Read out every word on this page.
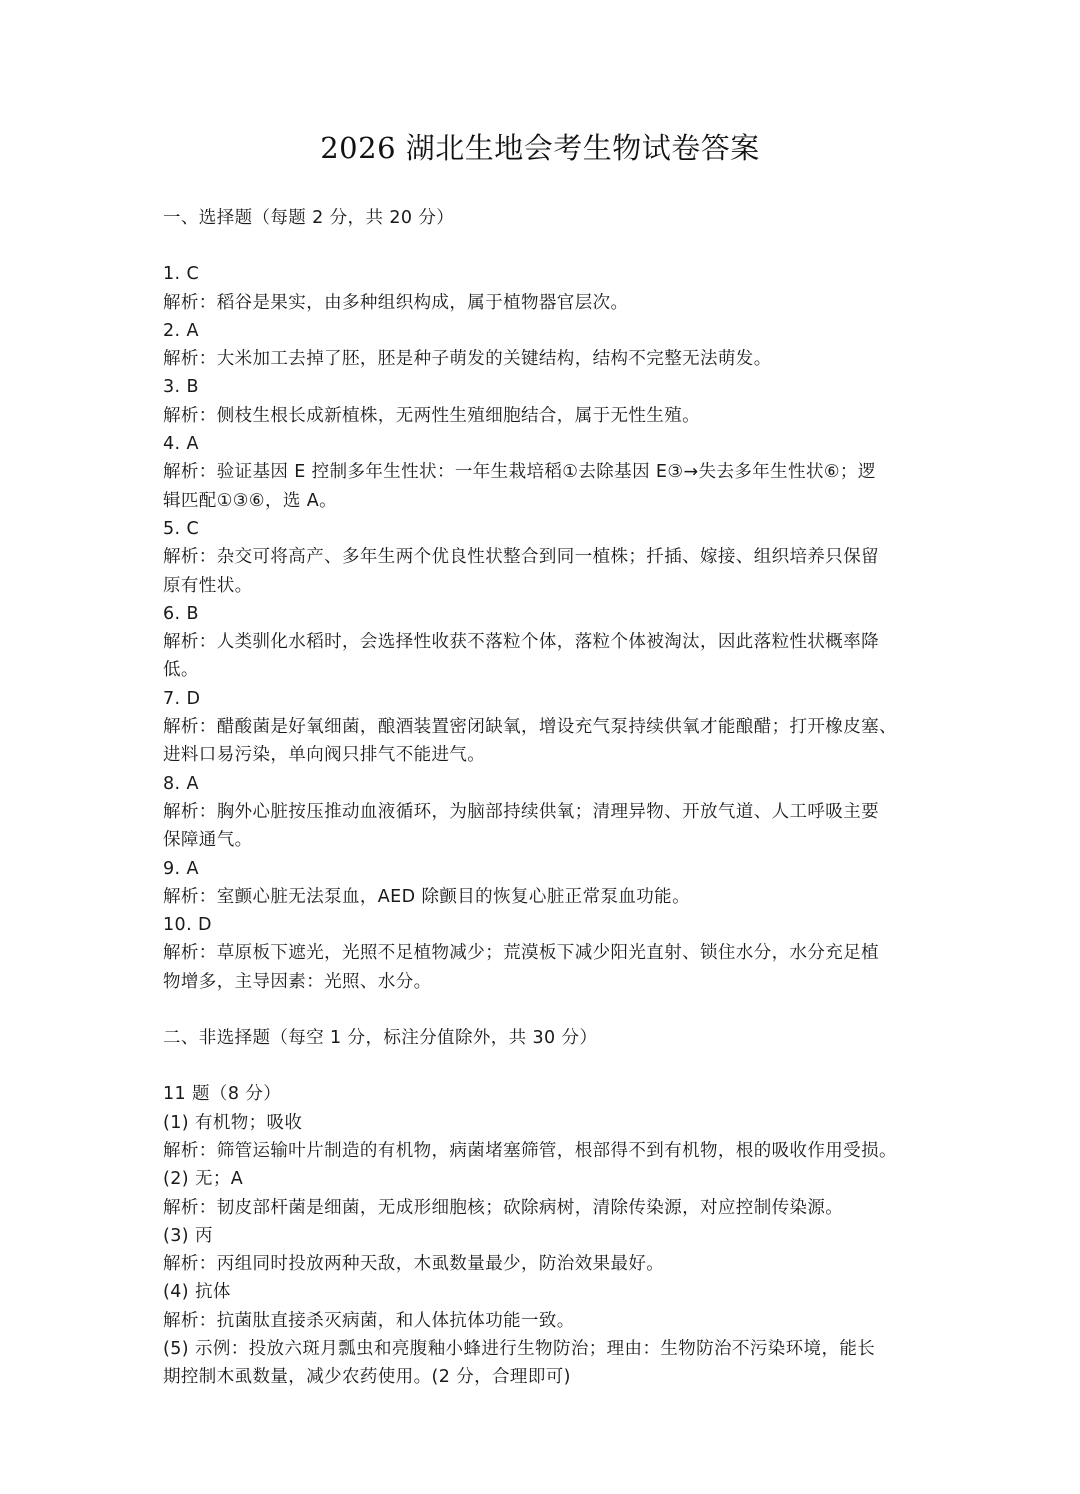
2026 湖北生地会考生物试卷答案
一、选择题（每题 2 分，共 20 分）
1. C
解析：稻谷是果实，由多种组织构成，属于植物器官层次。
2. A
解析：大米加工去掉了胚，胚是种子萌发的关键结构，结构不完整无法萌发。
3. B
解析：侧枝生根长成新植株，无两性生殖细胞结合，属于无性生殖。
4. A
解析：验证基因 E 控制多年生性状：一年生栽培稻①去除基因 E③→失去多年生性状⑥；逻
辑匹配①③⑥，选 A。
5. C
解析：杂交可将高产、多年生两个优良性状整合到同一植株；扦插、嫁接、组织培养只保留
原有性状。
6. B
解析：人类驯化水稻时，会选择性收获不落粒个体，落粒个体被淘汰，因此落粒性状概率降
低。
7. D
解析：醋酸菌是好氧细菌，酿酒装置密闭缺氧，增设充气泵持续供氧才能酿醋；打开橡皮塞、
进料口易污染，单向阀只排气不能进气。
8. A
解析：胸外心脏按压推动血液循环，为脑部持续供氧；清理异物、开放气道、人工呼吸主要
保障通气。
9. A
解析：室颤心脏无法泵血，AED 除颤目的恢复心脏正常泵血功能。
10. D
解析：草原板下遮光，光照不足植物减少；荒漠板下减少阳光直射、锁住水分，水分充足植
物增多，主导因素：光照、水分。
二、非选择题（每空 1 分，标注分值除外，共 30 分）
11 题（8 分）
(1) 有机物；吸收
解析：筛管运输叶片制造的有机物，病菌堵塞筛管，根部得不到有机物，根的吸收作用受损。
(2) 无；A
解析：韧皮部杆菌是细菌，无成形细胞核；砍除病树，清除传染源，对应控制传染源。
(3) 丙
解析：丙组同时投放两种天敌，木虱数量最少，防治效果最好。
(4) 抗体
解析：抗菌肽直接杀灭病菌，和人体抗体功能一致。
(5) 示例：投放六斑月瓢虫和亮腹釉小蜂进行生物防治；理由：生物防治不污染环境，能长
期控制木虱数量，减少农药使用。(2 分，合理即可)
